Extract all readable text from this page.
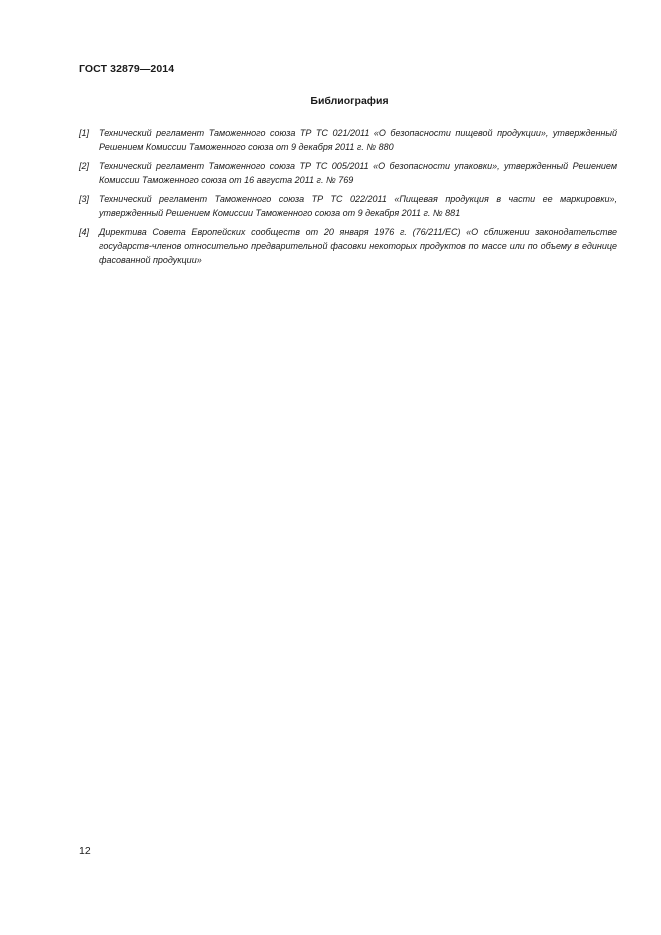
ГОСТ 32879—2014
Библиография
[1]	Технический регламент Таможенного союза ТР ТС 021/2011 «О безопасности пищевой продукции», утвержденный Решением Комиссии Таможенного союза от 9 декабря 2011 г. № 880
[2]	Технический регламент Таможенного союза ТР ТС 005/2011 «О безопасности упаковки», утвержденный Решением Комиссии Таможенного союза от 16 августа 2011 г. № 769
[3]	Технический регламент Таможенного союза ТР ТС 022/2011 «Пищевая продукция в части ее маркировки», утвержденный Решением Комиссии Таможенного союза от 9 декабря 2011 г. № 881
[4]	Директива Совета Европейских сообществ от 20 января 1976 г. (76/211/ЕС) «О сближении законодательстве государств-членов относительно предварительной фасовки некоторых продуктов по массе или по объему в единице фасованной продукции»
12
